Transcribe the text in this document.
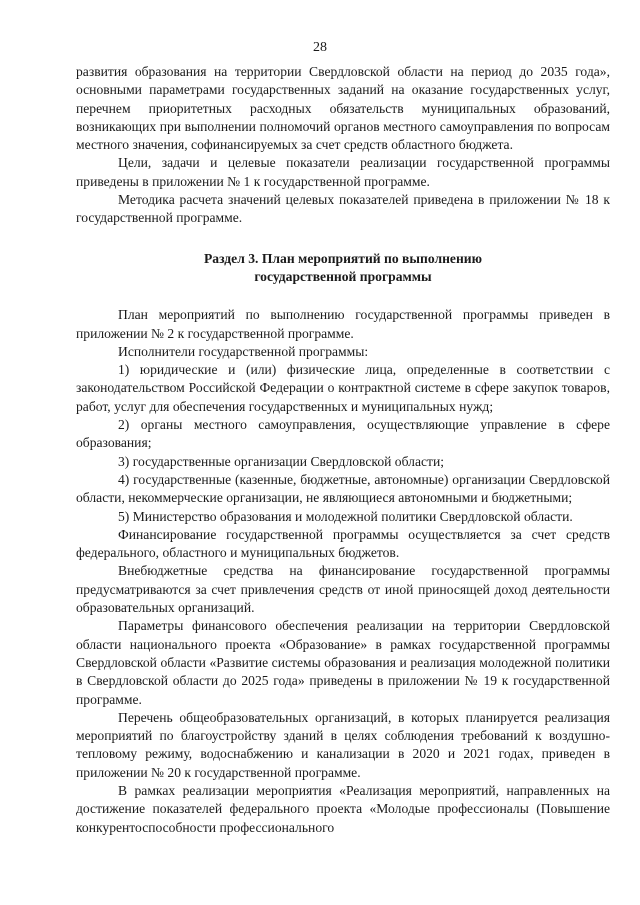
28

развития образования на территории Свердловской области на период до 2035 года», основными параметрами государственных заданий на оказание государственных услуг, перечнем приоритетных расходных обязательств муниципальных образований, возникающих при выполнении полномочий органов местного самоуправления по вопросам местного значения, софинансируемых за счет средств областного бюджета.

Цели, задачи и целевые показатели реализации государственной программы приведены в приложении № 1 к государственной программе.

Методика расчета значений целевых показателей приведена в приложении № 18 к государственной программе.

Раздел 3. План мероприятий по выполнению
государственной программы

План мероприятий по выполнению государственной программы приведен в приложении № 2 к государственной программе.

Исполнители государственной программы:

1) юридические и (или) физические лица, определенные в соответствии с законодательством Российской Федерации о контрактной системе в сфере закупок товаров, работ, услуг для обеспечения государственных и муниципальных нужд;

2) органы местного самоуправления, осуществляющие управление в сфере образования;

3) государственные организации Свердловской области;

4) государственные (казенные, бюджетные, автономные) организации Свердловской области, некоммерческие организации, не являющиеся автономными и бюджетными;

5) Министерство образования и молодежной политики Свердловской области.

Финансирование государственной программы осуществляется за счет средств федерального, областного и муниципальных бюджетов.

Внебюджетные средства на финансирование государственной программы предусматриваются за счет привлечения средств от иной приносящей доход деятельности образовательных организаций.

Параметры финансового обеспечения реализации на территории Свердловской области национального проекта «Образование» в рамках государственной программы Свердловской области «Развитие системы образования и реализация молодежной политики в Свердловской области до 2025 года» приведены в приложении № 19 к государственной программе.

Перечень общеобразовательных организаций, в которых планируется реализация мероприятий по благоустройству зданий в целях соблюдения требований к воздушно-тепловому режиму, водоснабжению и канализации в 2020 и 2021 годах, приведен в приложении № 20 к государственной программе.

В рамках реализации мероприятия «Реализация мероприятий, направленных на достижение показателей федерального проекта «Молодые профессионалы (Повышение конкурентоспособности профессионального
